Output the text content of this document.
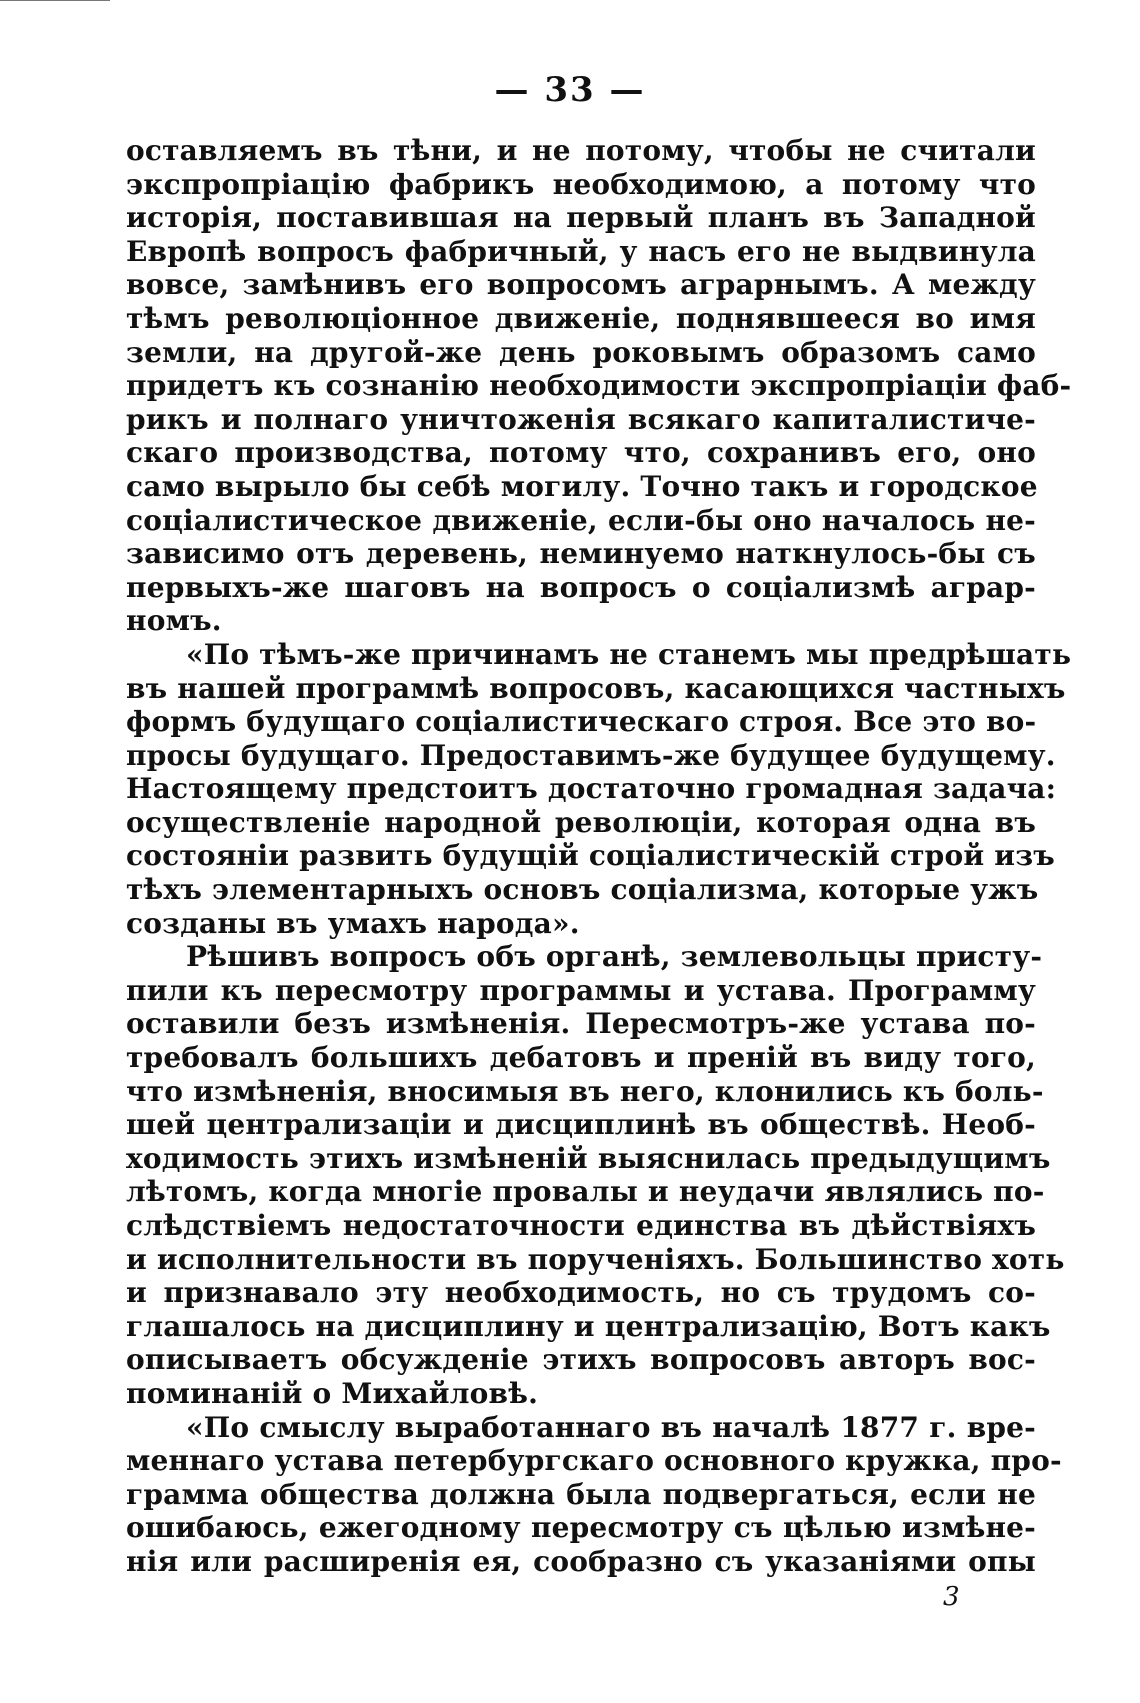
— 33 —
оставляемъ въ тѣни, и не потому, чтобы не считали
экспропріацію фабрикъ необходимою, а потому что
исторія, поставившая на первый планъ въ Западной
Европѣ вопросъ фабричный, у насъ его не выдвинула
вовсе, замѣнивъ его вопросомъ аграрнымъ. А между
тѣмъ революціонное движеніе, поднявшееся во имя
земли, на другой-же день роковымъ образомъ само
придетъ къ сознанію необходимости экспропріаціи фаб-
рикъ и полнаго уничтоженія всякаго капиталистиче-
скаго производства, потому что, сохранивъ его, оно
само вырыло бы себѣ могилу. Точно такъ и городское
соціалистическое движеніе, если-бы оно началось не-
зависимо отъ деревень, неминуемо наткнулось-бы съ
первыхъ-же шаговъ на вопросъ о соціализмѣ аграр-
номъ.
«По тѣмъ-же причинамъ не станемъ мы предрѣшать
въ нашей программѣ вопросовъ, касающихся частныхъ
формъ будущаго соціалистическаго строя. Все это во-
просы будущаго. Предоставимъ-же будущее будущему.
Настоящему предстоитъ достаточно громадная задача:
осуществленіе народной революціи, которая одна въ
состояніи развить будущій соціалистическій строй изъ
тѣхъ элементарныхъ основъ соціализма, которые ужъ
созданы въ умахъ народа».
Рѣшивъ вопросъ объ органѣ, землевольцы присту-
пили къ пересмотру программы и устава. Программу
оставили безъ измѣненія. Пересмотръ-же устава по-
требовалъ большихъ дебатовъ и преній въ виду того,
что измѣненія, вносимыя въ него, клонились къ боль-
шей централизаціи и дисциплинѣ въ обществѣ. Необ-
ходимость этихъ измѣненій выяснилась предыдущимъ
лѣтомъ, когда многіе провалы и неудачи являлись по-
слѣдствіемъ недостаточности единства въ дѣйствіяхъ
и исполнительности въ порученіяхъ. Большинство хоть
и признавало эту необходимость, но съ трудомъ со-
глашалось на дисциплину и централизацію, Вотъ какъ
описываетъ обсужденіе этихъ вопросовъ авторъ вос-
поминаній о Михайловѣ.
«По смыслу выработаннаго въ началѣ 1877 г. вре-
меннаго устава петербургскаго основного кружка, про-
грамма общества должна была подвергаться, если не
ошибаюсь, ежегодному пересмотру съ цѣлью измѣне-
нія или расширенія ея, сообразно съ указаніями опы
3
